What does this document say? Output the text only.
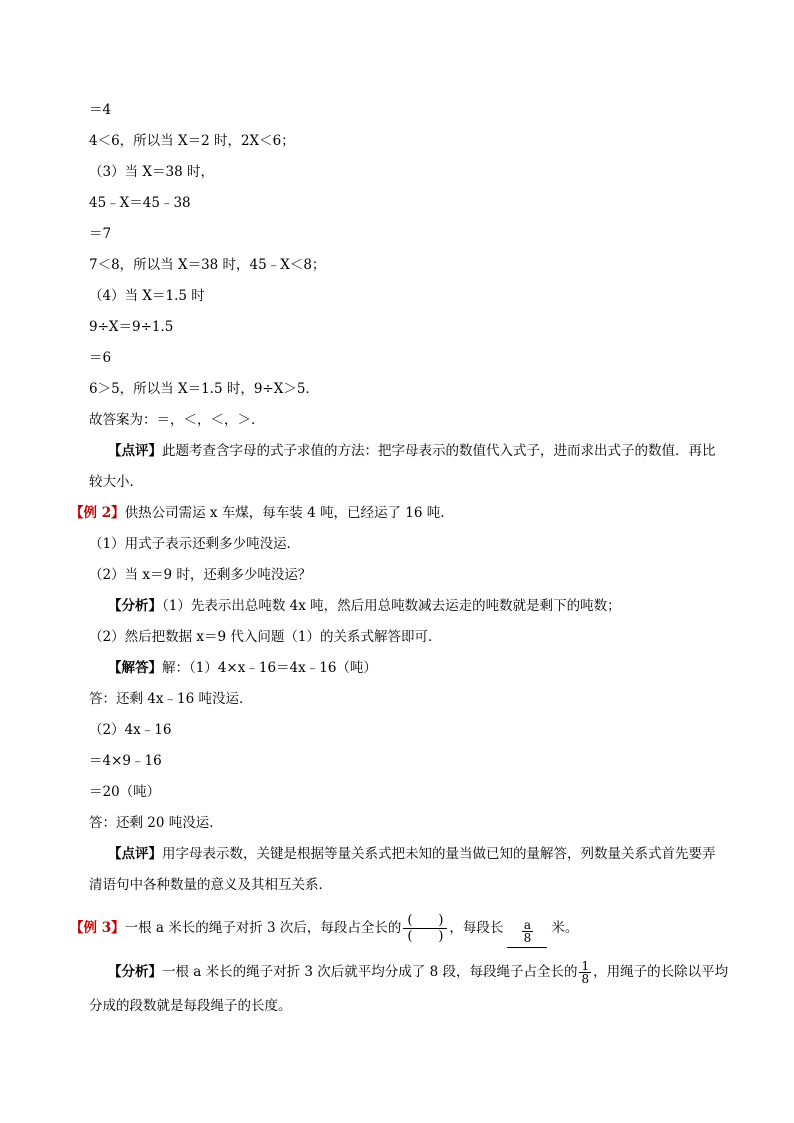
＝4
4＜6，所以当 X＝2 时，2X＜6；
（3）当 X＝38 时，
45﹣X＝45﹣38
＝7
7＜8，所以当 X＝38 时，45﹣X＜8；
（4）当 X＝1.5 时
9÷X＝9÷1.5
＝6
6＞5，所以当 X＝1.5 时，9÷X＞5．
故答案为：＝，＜，＜，＞．
【点评】此题考查含字母的式子求值的方法：把字母表示的数值代入式子，进而求出式子的数值．再比
较大小．
【例 2】供热公司需运 x 车煤，每车装 4 吨，已经运了 16 吨．
（1）用式子表示还剩多少吨没运．
（2）当 x＝9 时，还剩多少吨没运？
【分析】（1）先表示出总吨数 4x 吨，然后用总吨数减去运走的吨数就是剩下的吨数；
（2）然后把数据 x＝9 代入问题（1）的关系式解答即可．
【解答】解：（1）4×x﹣16＝4x﹣16（吨）
答：还剩 4x﹣16 吨没运．
（2）4x﹣16
＝4×9﹣16
＝20（吨）
答：还剩 20 吨没运．
【点评】用字母表示数，关键是根据等量关系式把未知的量当做已知的量解答，列数量关系式首先要弄
清语句中各种数量的意义及其相互关系．
【例 3】一根 a 米长的绳子对折 3 次后，每段占全长的 $\frac{( )}{( )}$ ，每段长 $\frac{a}{8}$ 米。
【分析】一根 a 米长的绳子对折 3 次后就平均分成了 8 段，每段绳子占全长的 $\frac{1}{8}$ ，用绳子的长除以平均
分成的段数就是每段绳子的长度。
